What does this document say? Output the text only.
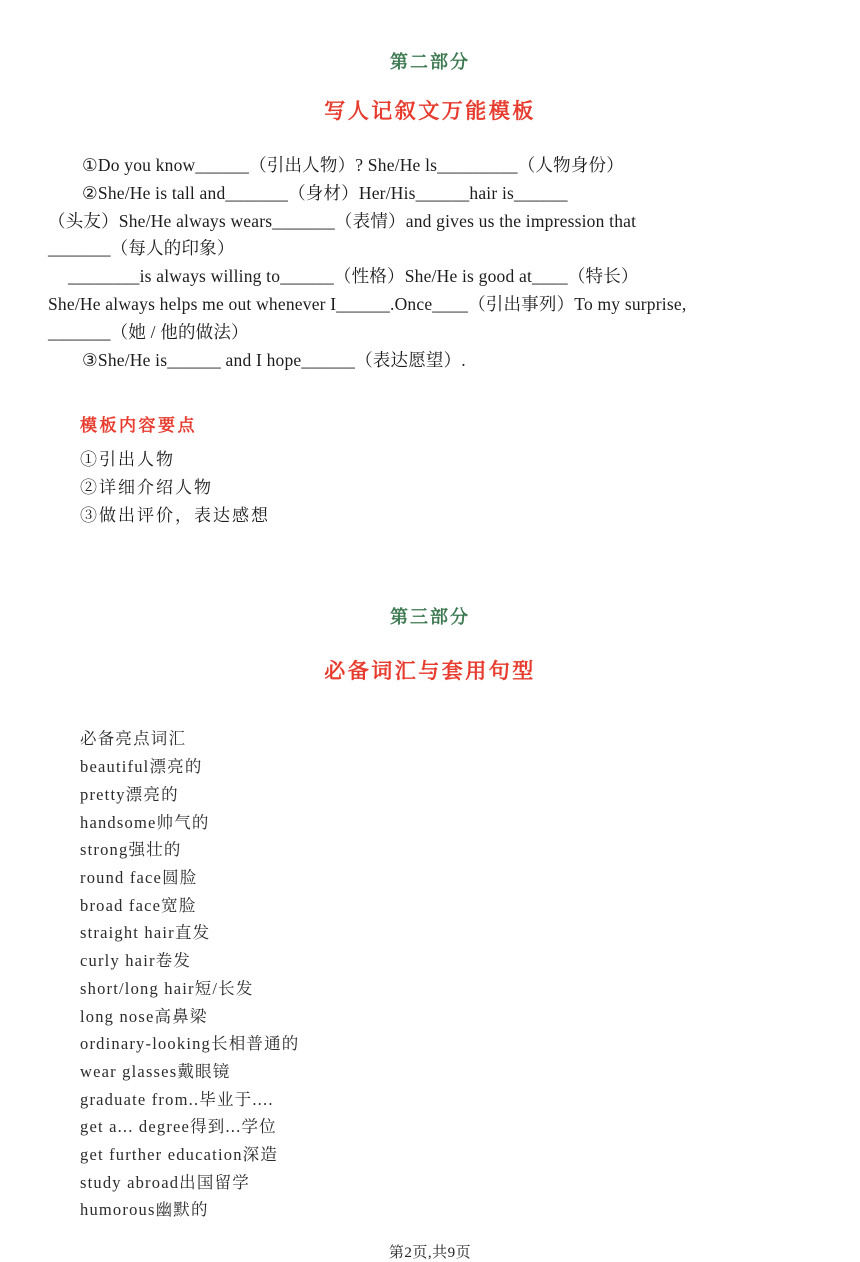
第二部分
写人记叙文万能模板
①Do you know______（引出人物）? She/He ls_________（人物身份）
②She/He is tall and_______（身材）Her/His______hair is______
（头友）She/He always wears_______（表情）and gives us the impression that
_______（每人的印象）
________is always willing to______（性格）She/He is good at____（特长）
She/He always helps me out whenever I______.Once____（引出事列）To my surprise,
_______（她 / 他的做法）
③She/He is______ and I hope______（表达愿望）.
模板内容要点
①引出人物
②详细介绍人物
③做出评价，表达感想
第三部分
必备词汇与套用句型
必备亮点词汇
beautiful漂亮的
pretty漂亮的
handsome帅气的
strong强壮的
round face圆脸
broad face宽脸
straight hair直发
curly hair卷发
short/long hair短/长发
long nose高鼻梁
ordinary-looking长相普通的
wear glasses戴眼镜
graduate from..毕业于....
get a... degree得到...学位
get further education深造
study abroad出国留学
humorous幽默的
第2页,共9页
